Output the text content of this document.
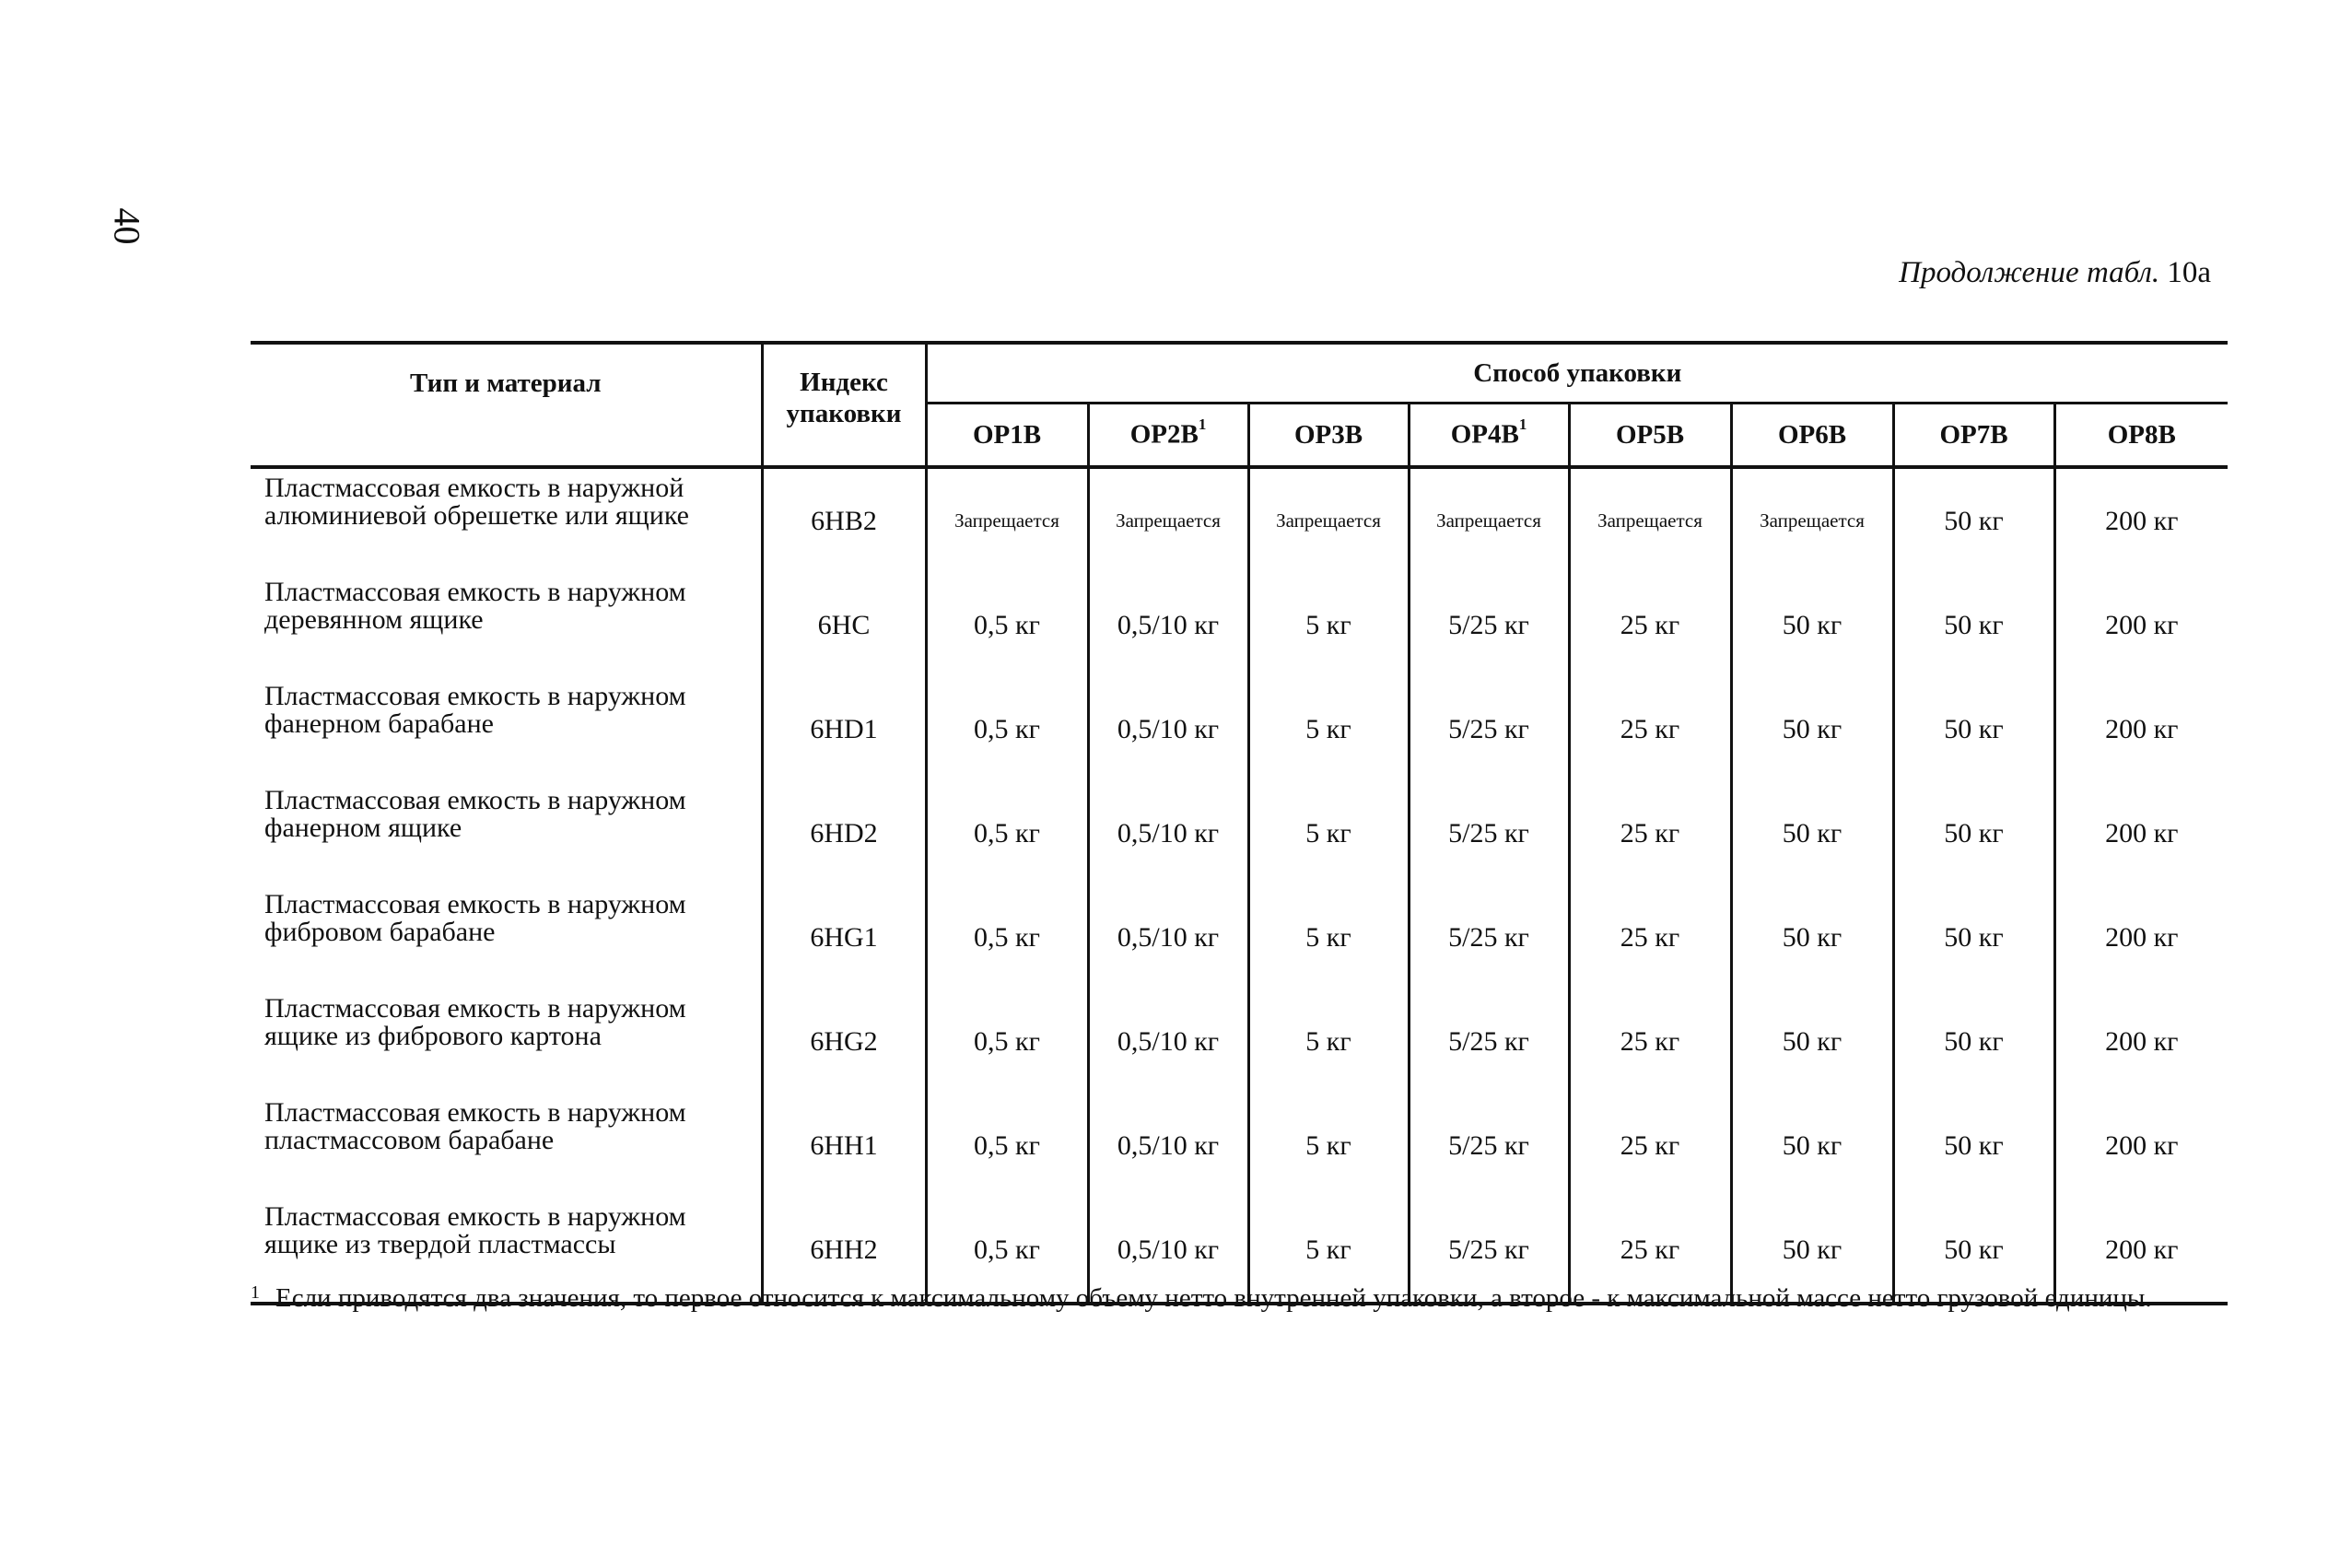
40
Продолжение табл. 10а
Тип и материал	Индекс упаковки	Способ упаковки							
		ОР1В	$ОР2В^1$	ОР3В	$ОР4В^1$	ОР5В	ОР6В	ОР7В	ОР8В
Пластмассовая емкость в наружной алюминиевой обрешетке или ящике	6НВ2	Запрещается	Запрещается	Запрещается	Запрещается	Запрещается	Запрещается	50 кг	200 кг
Пластмассовая емкость в наружном деревянном ящике	6НС	0,5 кг	0,5/10 кг	5 кг	5/25 кг	25 кг	50 кг	50 кг	200 кг
Пластмассовая емкость в наружном фанерном барабане	6HD1	0,5 кг	0,5/10 кг	5 кг	5/25 кг	25 кг	50 кг	50 кг	200 кг
Пластмассовая емкость в наружном фанерном ящике	6HD2	0,5 кг	0,5/10 кг	5 кг	5/25 кг	25 кг	50 кг	50 кг	200 кг
Пластмассовая емкость в наружном фибровом барабане	6HG1	0,5 кг	0,5/10 кг	5 кг	5/25 кг	25 кг	50 кг	50 кг	200 кг
Пластмассовая емкость в наружном ящике из фибрового картона	6HG2	0,5 кг	0,5/10 кг	5 кг	5/25 кг	25 кг	50 кг	50 кг	200 кг
Пластмассовая емкость в наружном пластмассовом барабане	6НН1	0,5 кг	0,5/10 кг	5 кг	5/25 кг	25 кг	50 кг	50 кг	200 кг
Пластмассовая емкость в наружном ящике из твердой пластмассы	6НН2	0,5 кг	0,5/10 кг	5 кг	5/25 кг	25 кг	50 кг	50 кг	200 кг
1 Если приводятся два значения, то первое относится к максимальному объему нетто внутренней упаковки, а второе - к максимальной массе нетто грузовой единицы.
